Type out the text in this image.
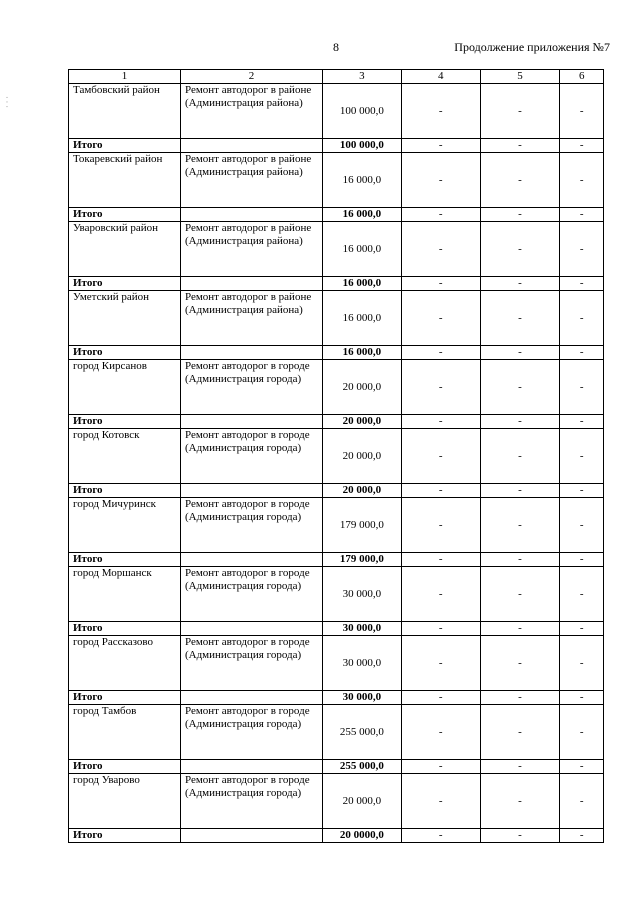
8	Продолжение приложения №7
· · ·
1	2	3	4	5	6
Тамбовский район	Ремонт автодорог в районе (Администрация района)	100 000,0	-	-	-
Итого		100 000,0	-	-	-
Токаревский район	Ремонт автодорог в районе (Администрация района)	16 000,0	-	-	-
Итого		16 000,0	-	-	-
Уваровский район	Ремонт автодорог в районе (Администрация района)	16 000,0	-	-	-
Итого		16 000,0	-	-	-
Уметский район	Ремонт автодорог в районе (Администрация района)	16 000,0	-	-	-
Итого		16 000,0	-	-	-
город Кирсанов	Ремонт автодорог в городе (Администрация города)	20 000,0	-	-	-
Итого		20 000,0	-	-	-
город Котовск	Ремонт автодорог в городе (Администрация города)	20 000,0	-	-	-
Итого		20 000,0	-	-	-
город Мичуринск	Ремонт автодорог в городе (Администрация города)	179 000,0	-	-	-
Итого		179 000,0	-	-	-
город Моршанск	Ремонт автодорог в городе (Администрация города)	30 000,0	-	-	-
Итого		30 000,0	-	-	-
город Рассказово	Ремонт автодорог в городе (Администрация города)	30 000,0	-	-	-
Итого		30 000,0	-	-	-
город Тамбов	Ремонт автодорог в городе (Администрация города)	255 000,0	-	-	-
Итого		255 000,0	-	-	-
город Уварово	Ремонт автодорог в городе (Администрация города)	20 000,0	-	-	-
Итого		20 0000,0	-	-	-
